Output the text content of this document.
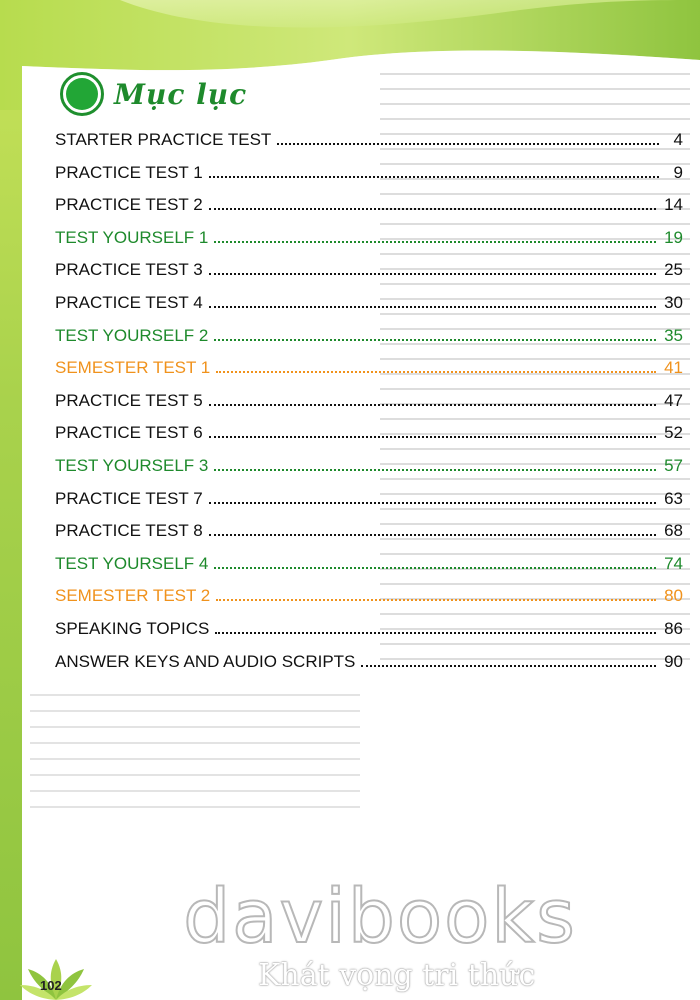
Mục lục
STARTER PRACTICE TEST	4
PRACTICE TEST 1	9
PRACTICE TEST 2	14
TEST YOURSELF 1	19
PRACTICE TEST 3	25
PRACTICE TEST 4	30
TEST YOURSELF 2	35
SEMESTER TEST 1	41
PRACTICE TEST 5	47
PRACTICE TEST 6	52
TEST YOURSELF 3	57
PRACTICE TEST 7	63
PRACTICE TEST 8	68
TEST YOURSELF 4	74
SEMESTER TEST 2	80
SPEAKING TOPICS	86
ANSWER KEYS AND AUDIO SCRIPTS	90
davibooks
Khát vọng tri thức
102
